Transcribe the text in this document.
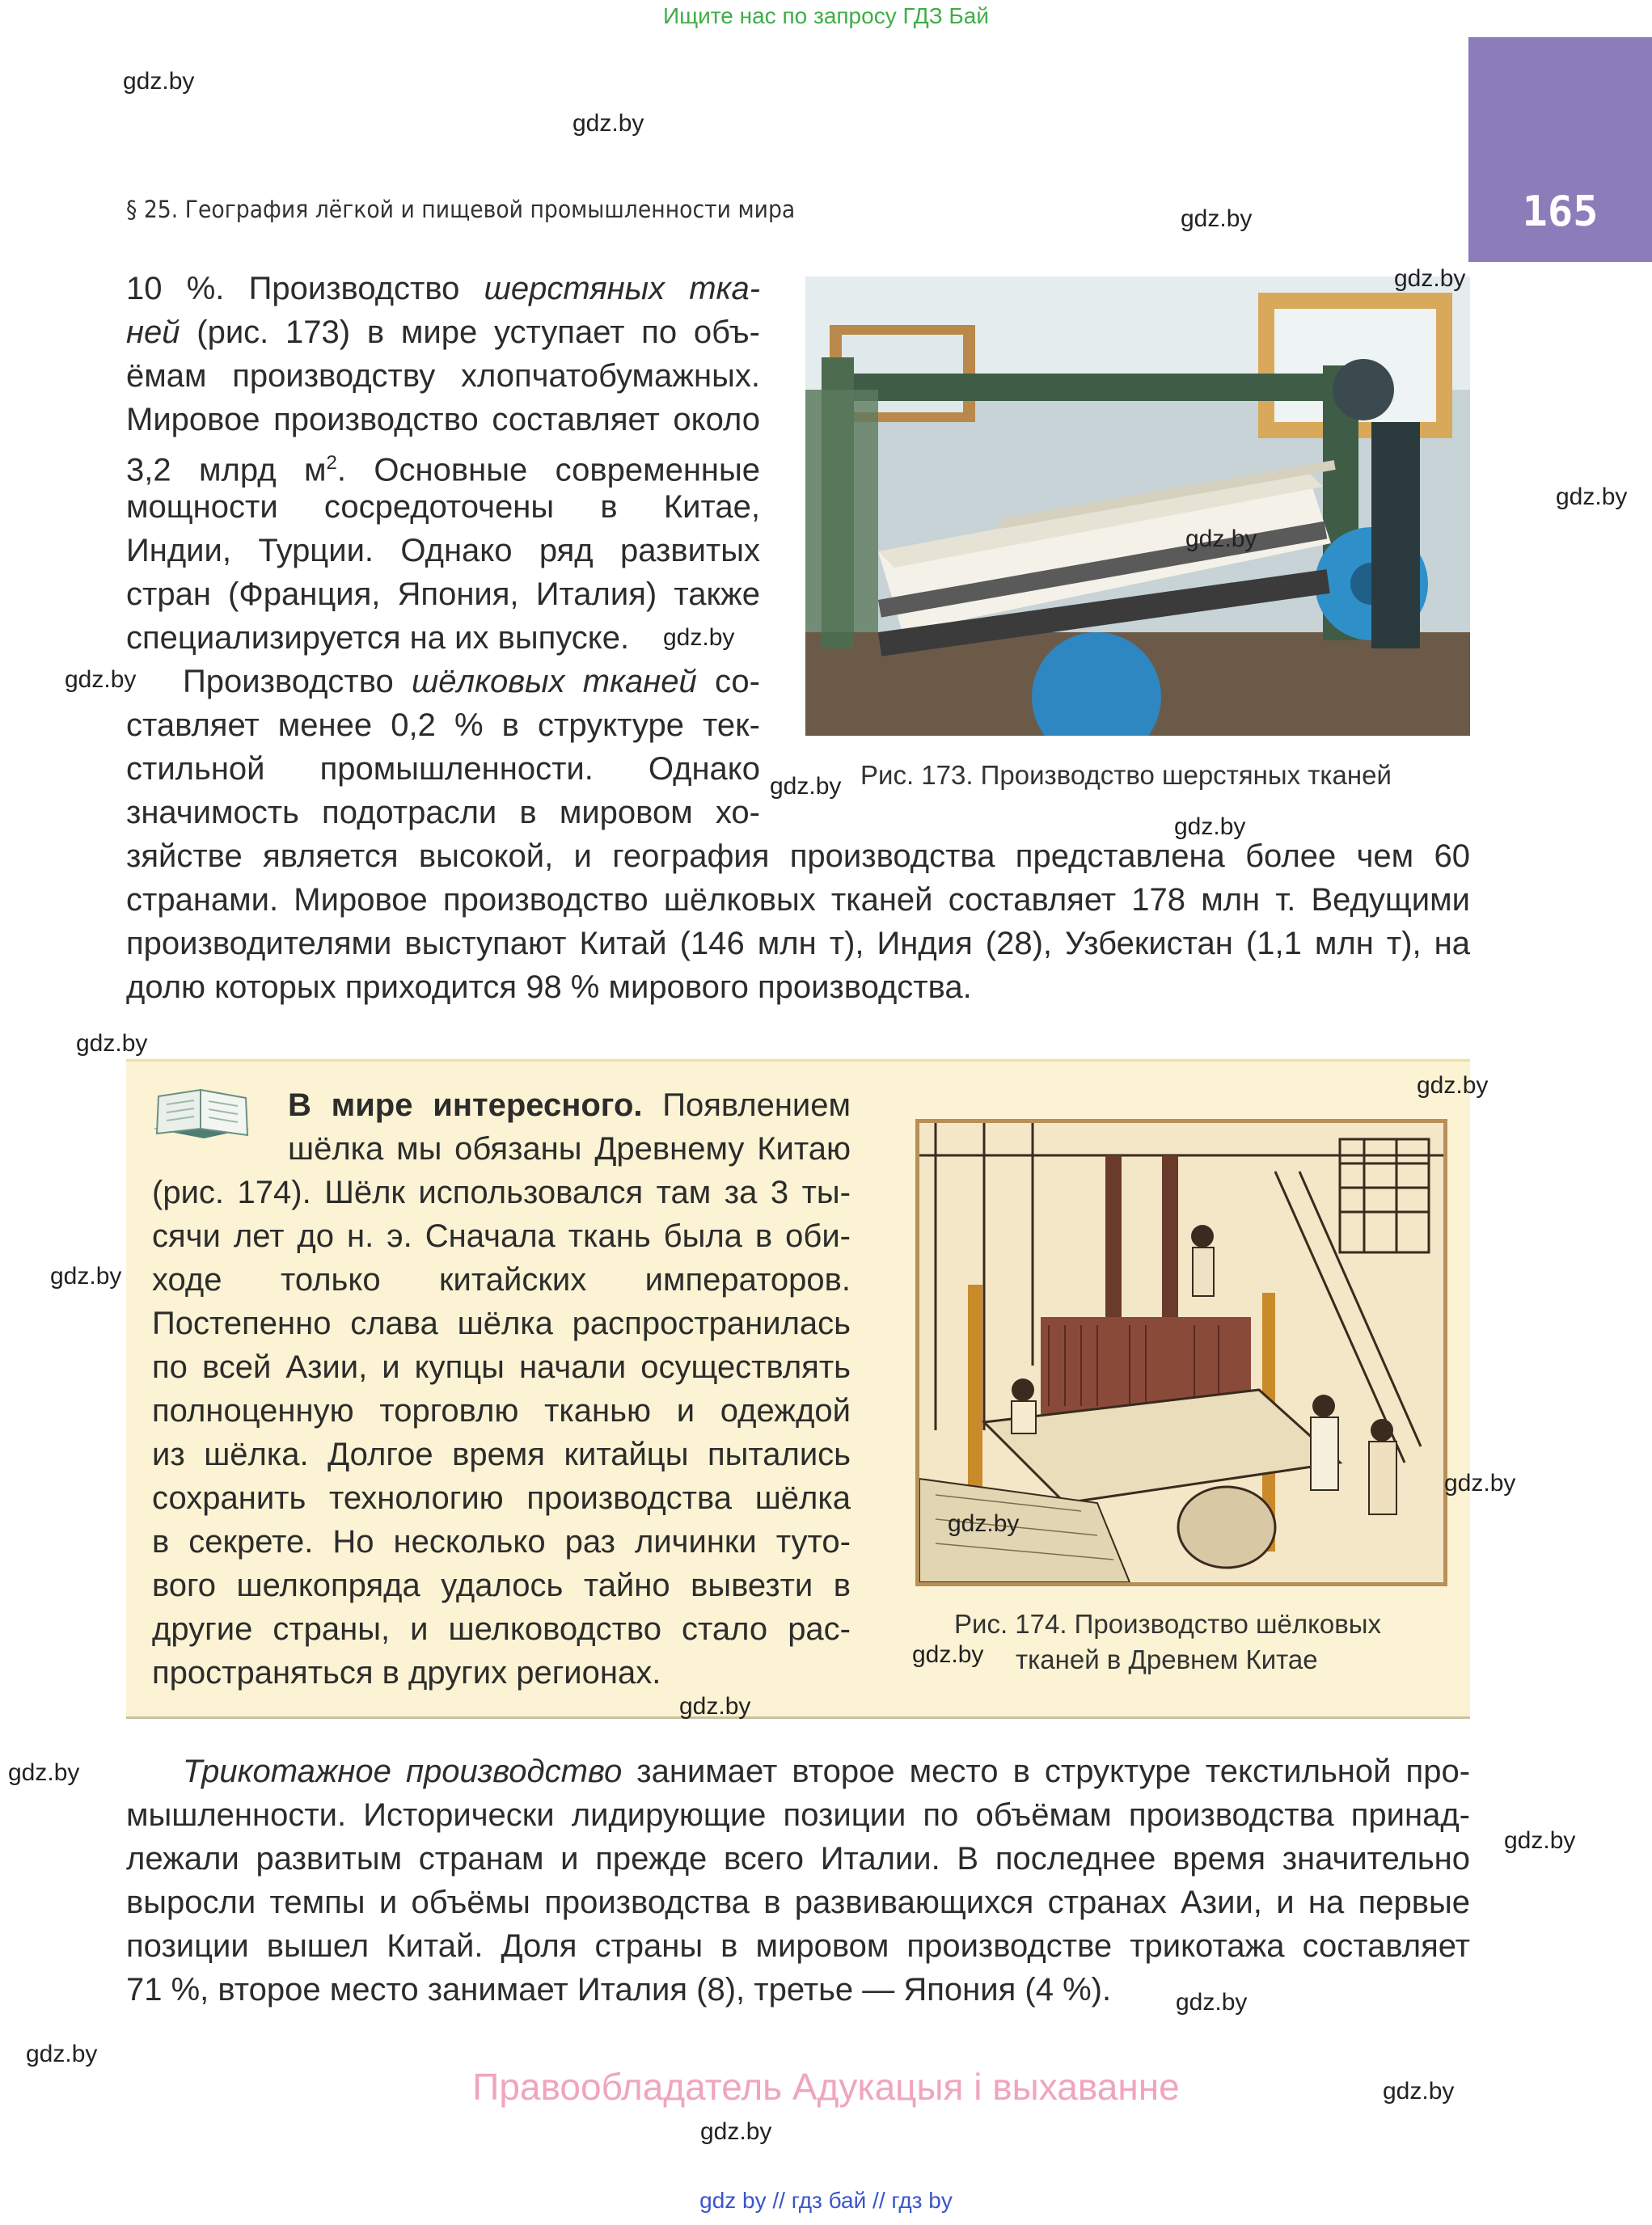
Ищите нас по запросу ГДЗ Бай
165
§ 25. География лёгкой и пищевой промышленности мира
10 %. Производство шерстяных тка-
ней (рис. 173) в мире уступает по объ-
ёмам производству хлопчатобумажных.
Мировое производство составляет около
3,2 млрд $м^2$. Основные современные
мощности сосредоточены в Китае,
Индии, Турции. Однако ряд развитых
стран (Франция, Япония, Италия) также
специализируется на их выпуске.
Производство шёлковых тканей со-
ставляет менее 0,2 % в структуре тек-
стильной промышленности. Однако
значимость подотрасли в мировом хо-
зяйстве является высокой, и география производства представлена более чем 60
странами. Мировое производство шёлковых тканей составляет 178 млн т. Ведущими
производителями выступают Китай (146 млн т), Индия (28), Узбекистан (1,1 млн т), на
долю которых приходится 98 % мирового производства.
Рис. 173. Производство шерстяных тканей
В мире интересного. Появлением
шёлка мы обязаны Древнему Китаю
(рис. 174). Шёлк использовался там за 3 ты-
сячи лет до н. э. Сначала ткань была в оби-
ходе только китайских императоров.
Постепенно слава шёлка распространилась
по всей Азии, и купцы начали осуществлять
полноценную торговлю тканью и одеждой
из шёлка. Долгое время китайцы пытались
сохранить технологию производства шёлка
в секрете. Но несколько раз личинки туто-
вого шелкопряда удалось тайно вывезти в
другие страны, и шелководство стало рас-
пространяться в других регионах.
Рис. 174. Производство шёлковых
тканей в Древнем Китае
Трикотажное производство занимает второе место в структуре текстильной про-
мышленности. Исторически лидирующие позиции по объёмам производства принад-
лежали развитым странам и прежде всего Италии. В последнее время значительно
выросли темпы и объёмы производства в развивающихся странах Азии, и на первые
позиции вышел Китай. Доля страны в мировом производстве трикотажа составляет
71 %, второе место занимает Италия (8), третье — Япония (4 %).
Правообладатель Адукацыя і выхаванне
gdz by // гдз бай // гдз by
gdz.by
gdz.by
gdz.by
gdz.by
gdz.by
gdz.by
gdz.by
gdz.by
gdz.by
gdz.by
gdz.by
gdz.by
gdz.by
gdz.by
gdz.by
gdz.by
gdz.by
gdz.by
gdz.by
gdz.by
gdz.by
gdz.by
gdz.by
